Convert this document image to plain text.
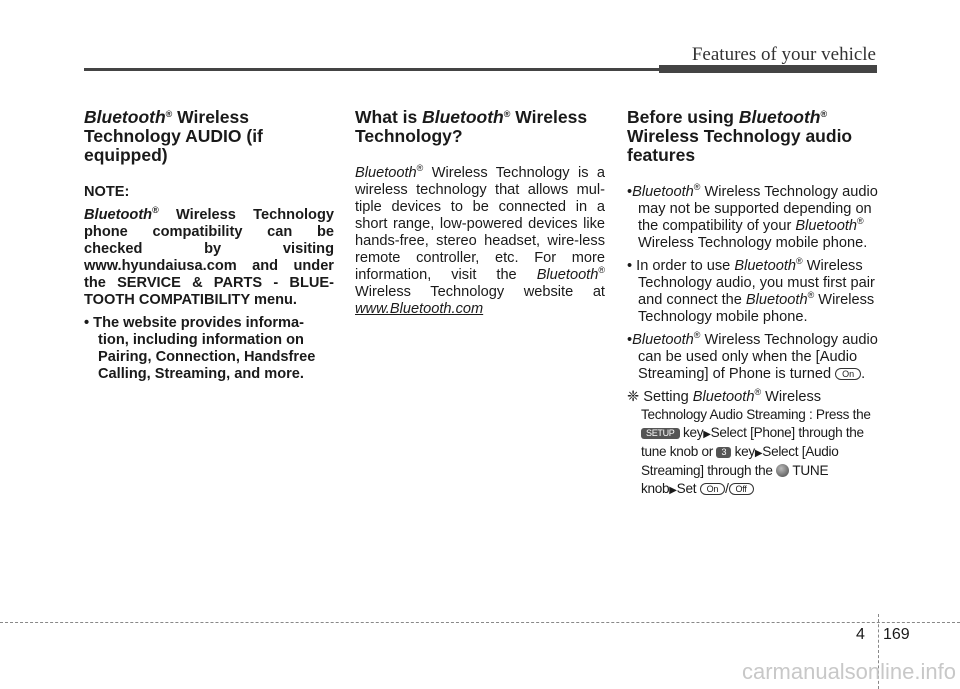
Features of your vehicle
Bluetooth® Wireless Technology AUDIO (if equipped)
NOTE:
Bluetooth® Wireless Technology phone compatibility can be checked by visiting www.hyundaiusa.com and under the SERVICE & PARTS - BLUE-TOOTH COMPATIBILITY menu.
• The website provides informa-tion, including information on Pairing, Connection, Handsfree Calling, Streaming, and more.
What is Bluetooth® Wireless Technology?
Bluetooth® Wireless Technology is a wireless technology that allows mul-tiple devices to be connected in a short range, low-powered devices like hands-free, stereo headset, wire-less remote controller, etc. For more information, visit the Bluetooth® Wireless Technology website at www.Bluetooth.com
Before using Bluetooth® Wireless Technology audio features
•Bluetooth® Wireless Technology audio may not be supported depending on the compatibility of your Bluetooth® Wireless Technology mobile phone.
• In order to use Bluetooth® Wireless Technology audio, you must first pair and connect the Bluetooth® Wireless Technology mobile phone.
•Bluetooth® Wireless Technology audio can be used only when the [Audio Streaming] of Phone is turned On .
❈ Setting Bluetooth® Wireless Technology Audio Streaming : Press the SETUP key▶Select [Phone] through the tune knob or 3 key▶Select [Audio Streaming] through the  TUNE knob▶Set On / Off
4 169
carmanualsonline.info
